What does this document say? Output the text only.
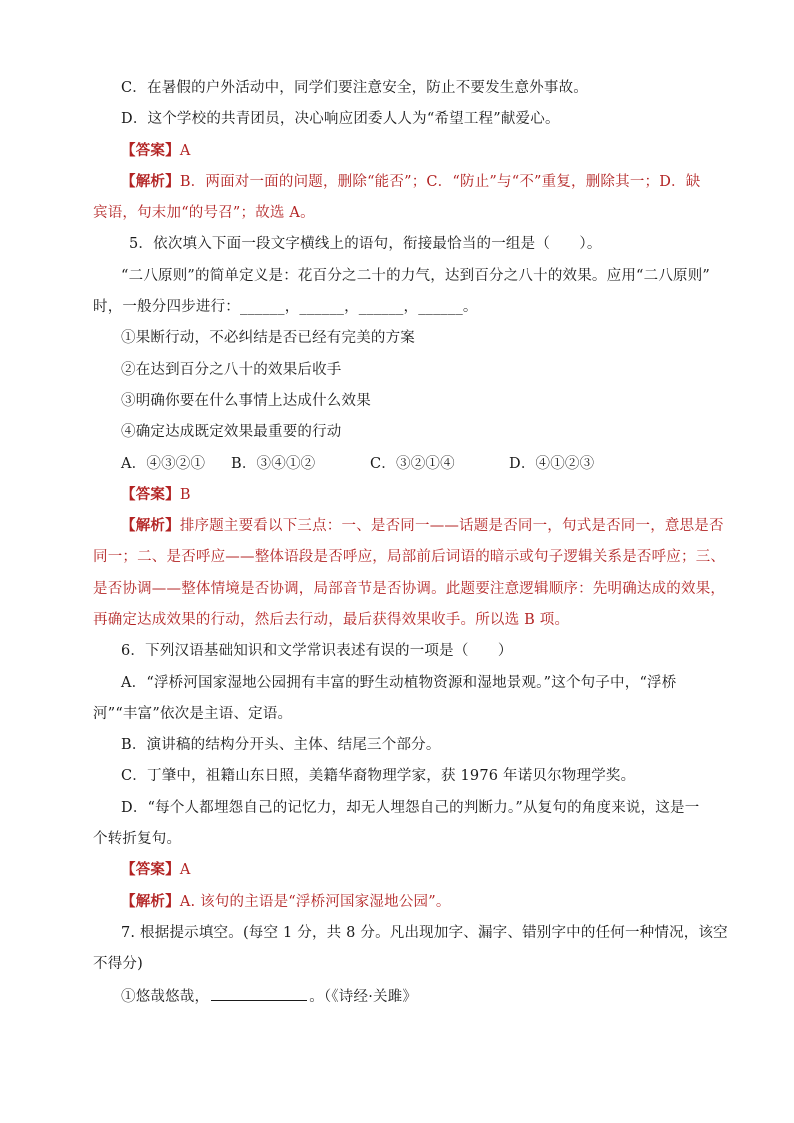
C．在暑假的户外活动中，同学们要注意安全，防止不要发生意外事故。
D．这个学校的共青团员，决心响应团委人人为“希望工程”献爱心。
【答案】A
【解析】B．两面对一面的问题，删除“能否”；C．“防止”与“不”重复，删除其一；D．缺
宾语，句末加“的号召”；故选 A。
5．依次填入下面一段文字横线上的语句，衔接最恰当的一组是（　　）。
“二八原则”的简单定义是：花百分之二十的力气，达到百分之八十的效果。应用“二八原则”
时，一般分四步进行：______，______，______，______。
①果断行动，不必纠结是否已经有完美的方案
②在达到百分之八十的效果后收手
③明确你要在什么事情上达成什么效果
④确定达成既定效果最重要的行动
A．④③②① B．③④①②	C．③②①④	D．④①②③
【答案】B
【解析】排序题主要看以下三点：一、是否同一——话题是否同一，句式是否同一，意思是否
同一；二、是否呼应——整体语段是否呼应，局部前后词语的暗示或句子逻辑关系是否呼应；三、
是否协调——整体情境是否协调，局部音节是否协调。此题要注意逻辑顺序：先明确达成的效果，
再确定达成效果的行动，然后去行动，最后获得效果收手。所以选 B 项。
6．下列汉语基础知识和文学常识表述有误的一项是（　　）
A．“浮桥河国家湿地公园拥有丰富的野生动植物资源和湿地景观。”这个句子中，“浮桥
河”“丰富”依次是主语、定语。
B．演讲稿的结构分开头、主体、结尾三个部分。
C．丁肇中，祖籍山东日照，美籍华裔物理学家，获 1976 年诺贝尔物理学奖。
D．“每个人都埋怨自己的记忆力，却无人埋怨自己的判断力。”从复句的角度来说，这是一
个转折复句。
【答案】A
【解析】A. 该句的主语是“浮桥河国家湿地公园”。
7. 根据提示填空。(每空 1 分，共 8 分。凡出现加字、漏字、错别字中的任何一种情况，该空
不得分)
①悠哉悠哉，	。（《诗经·关雎》
